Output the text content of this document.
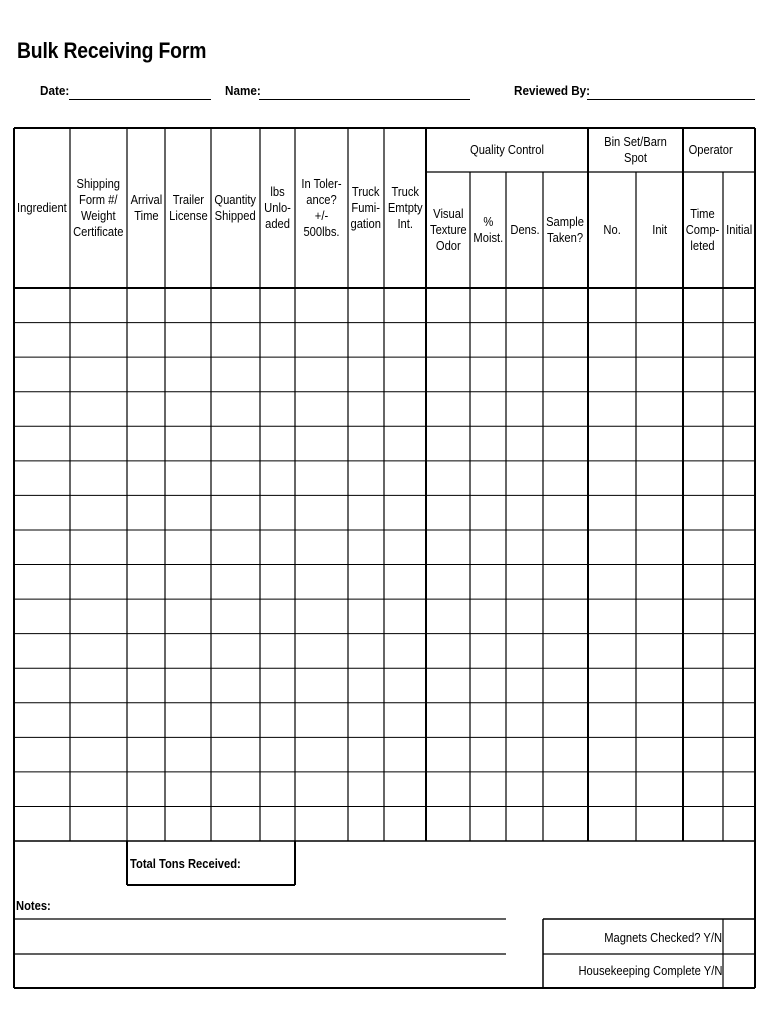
Bulk Receiving Form
Date:	Name:	Reviewed By:
Quality Control
Bin Set/Barn Spot
Operator
Ingredient
Shipping
Form #/
Weight
Certificate
Arrival
Time
Trailer
License
Quantity
Shipped
lbs
Unlo-
aded
In Toler-
ance? +/-
500lbs.
Truck
Fumi-
gation
Truck
Emtpty
Int.
Visual
Texture
Odor
%
Moist.
Dens.
Sample
Taken?
No. Init
Time
Comp-
leted
Initial
Total Tons Received:
Notes:
Magnets Checked? Y/N
Housekeeping Complete Y/N
